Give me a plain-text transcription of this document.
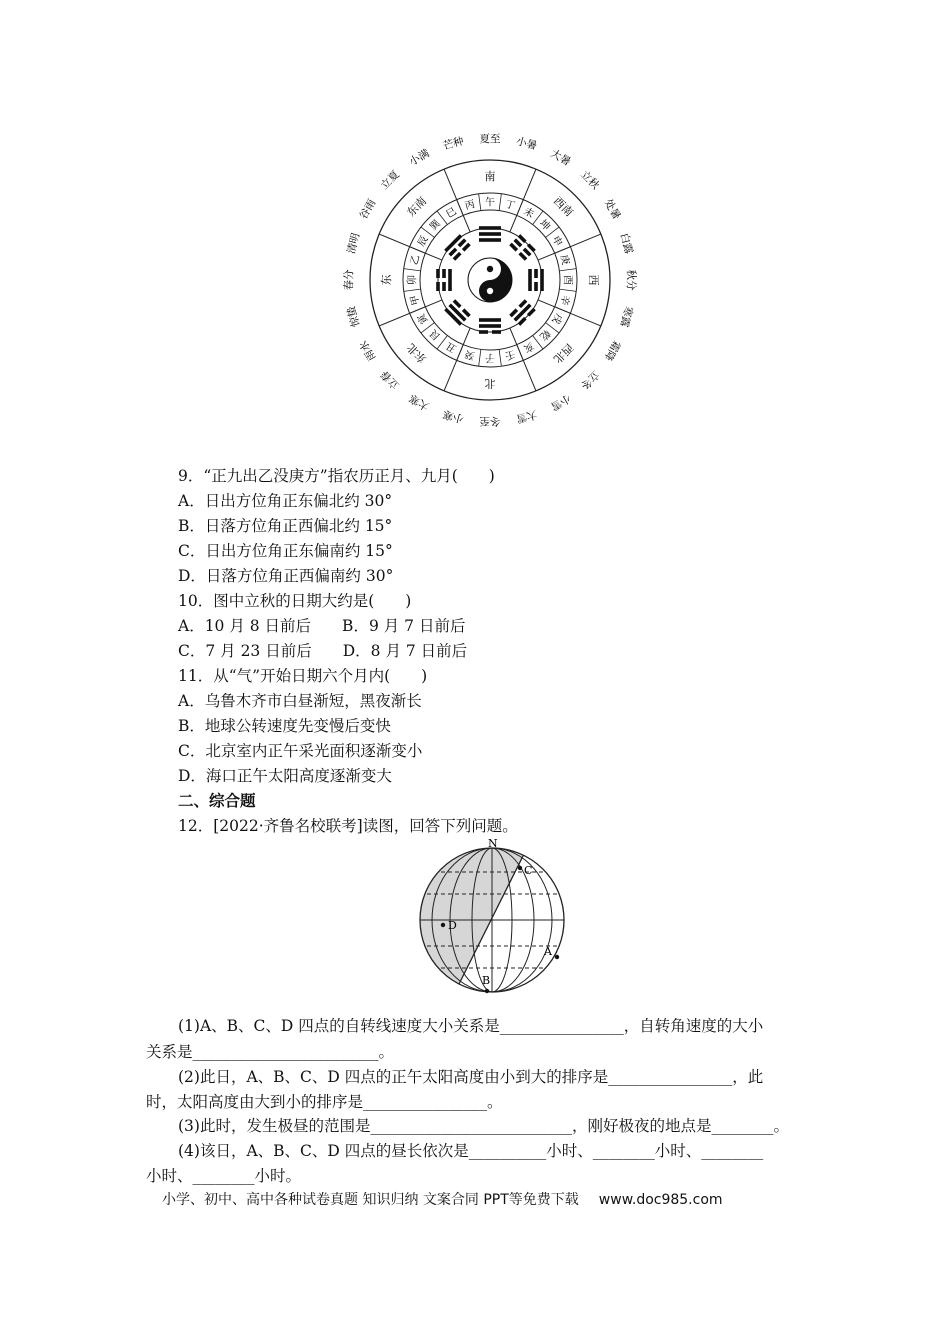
南
西南
西
西北
北
东北
东
东南	午 丁
未
坤
申
庚
酉
辛
戌
乾
亥
壬
子
癸
丑
艮
寅
甲
卯
乙
辰
巽
巳
丙
夏至 小暑
大暑
立秋
处暑
白露
秋分
寒露
霜降
立冬
小雪
大雪
冬至
小寒
大寒
立春
雨水
惊蛰
春分
清明
谷雨
立夏
小满
芒种
9．“正九出乙没庚方”指农历正月、九月(　　)
A．日出方位角正东偏北约 30°
B．日落方位角正西偏北约 15°
C．日出方位角正东偏南约 15°
D．日落方位角正西偏南约 30°
10．图中立秋的日期大约是(　　)
A．10 月 8 日前后　　B．9 月 7 日前后
C．7 月 23 日前后　　D．8 月 7 日前后
11．从“气”开始日期六个月内(　　)
A．乌鲁木齐市白昼渐短，黑夜渐长
B．地球公转速度先变慢后变快
C．北京室内正午采光面积逐渐变小
D．海口正午太阳高度逐渐变大
二、综合题
12．[2022·齐鲁名校联考]读图，回答下列问题。
N
C
D
A
B
(1)A、B、C、D 四点的自转线速度大小关系是________________，自转角速度的大小
关系是________________________。
(2)此日，A、B、C、D 四点的正午太阳高度由小到大的排序是________________，此
时，太阳高度由大到小的排序是________________。
(3)此时，发生极昼的范围是__________________________，刚好极夜的地点是________。
(4)该日，A、B、C、D 四点的昼长依次是__________小时、________小时、________
小时、________小时。
小学、初中、高中各种试卷真题 知识归纳 文案合同 PPT等免费下载 www.doc985.com
